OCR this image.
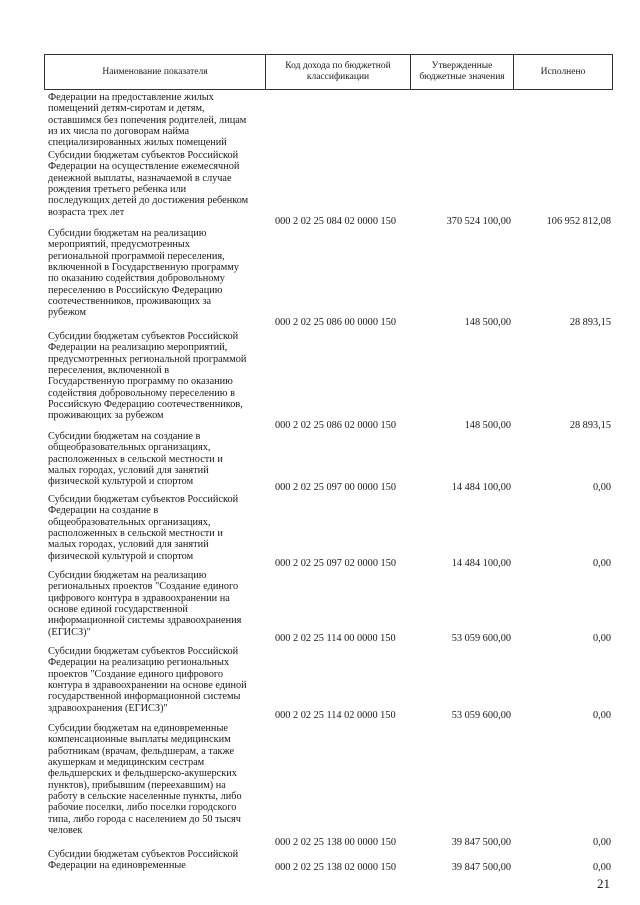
Наименование показателя
Код дохода по бюджетной классификации
Утвержденные бюджетные значения
Исполнено
Федерации на предоставление жилых
помещений детям-сиротам и детям,
оставшимся без попечения родителей, лицам
из их числа по договорам найма
специализированных жилых помещений
Субсидии бюджетам субъектов Российской
Федерации на осуществление ежемесячной
денежной выплаты, назначаемой в случае
рождения третьего ребенка или
последующих детей до достижения ребенком
возраста трех лет
000 2 02 25 084 02 0000 150	370 524 100,00	106 952 812,08
Субсидии бюджетам на реализацию
мероприятий, предусмотренных
региональной программой переселения,
включенной в Государственную программу
по оказанию содействия добровольному
переселению в Российскую Федерацию
соотечественников, проживающих за
рубежом
000 2 02 25 086 00 0000 150	148 500,00	28 893,15
Субсидии бюджетам субъектов Российской
Федерации на реализацию мероприятий,
предусмотренных региональной программой
переселения, включенной в
Государственную программу по оказанию
содействия добровольному переселению в
Российскую Федерацию соотечественников,
проживающих за рубежом
000 2 02 25 086 02 0000 150	148 500,00	28 893,15
Субсидии бюджетам на создание в
общеобразовательных организациях,
расположенных в сельской местности и
малых городах, условий для занятий
физической культурой и спортом	000 2 02 25 097 00 0000 150	14 484 100,00	0,00
Субсидии бюджетам субъектов Российской
Федерации на создание в
общеобразовательных организациях,
расположенных в сельской местности и
малых городах, условий для занятий
физической культурой и спортом
000 2 02 25 097 02 0000 150	14 484 100,00	0,00
Субсидии бюджетам на реализацию
региональных проектов "Создание единого
цифрового контура в здравоохранении на
основе единой государственной
информационной системы здравоохранения
(ЕГИСЗ)"
000 2 02 25 114 00 0000 150	53 059 600,00	0,00
Субсидии бюджетам субъектов Российской
Федерации на реализацию региональных
проектов "Создание единого цифрового
контура в здравоохранении на основе единой
государственной информационной системы
здравоохранения (ЕГИСЗ)"
000 2 02 25 114 02 0000 150	53 059 600,00	0,00
Субсидии бюджетам на единовременные
компенсационные выплаты медицинским
работникам (врачам, фельдшерам, а также
акушеркам и медицинским сестрам
фельдшерских и фельдшерско-акушерских
пунктов), прибывшим (переехавшим) на
работу в сельские населенные пункты, либо
рабочие поселки, либо поселки городского
типа, либо города с населением до 50 тысяч
человек
000 2 02 25 138 00 0000 150	39 847 500,00	0,00
Субсидии бюджетам субъектов Российской
Федерации на единовременные	000 2 02 25 138 02 0000 150	39 847 500,00	0,00
21
